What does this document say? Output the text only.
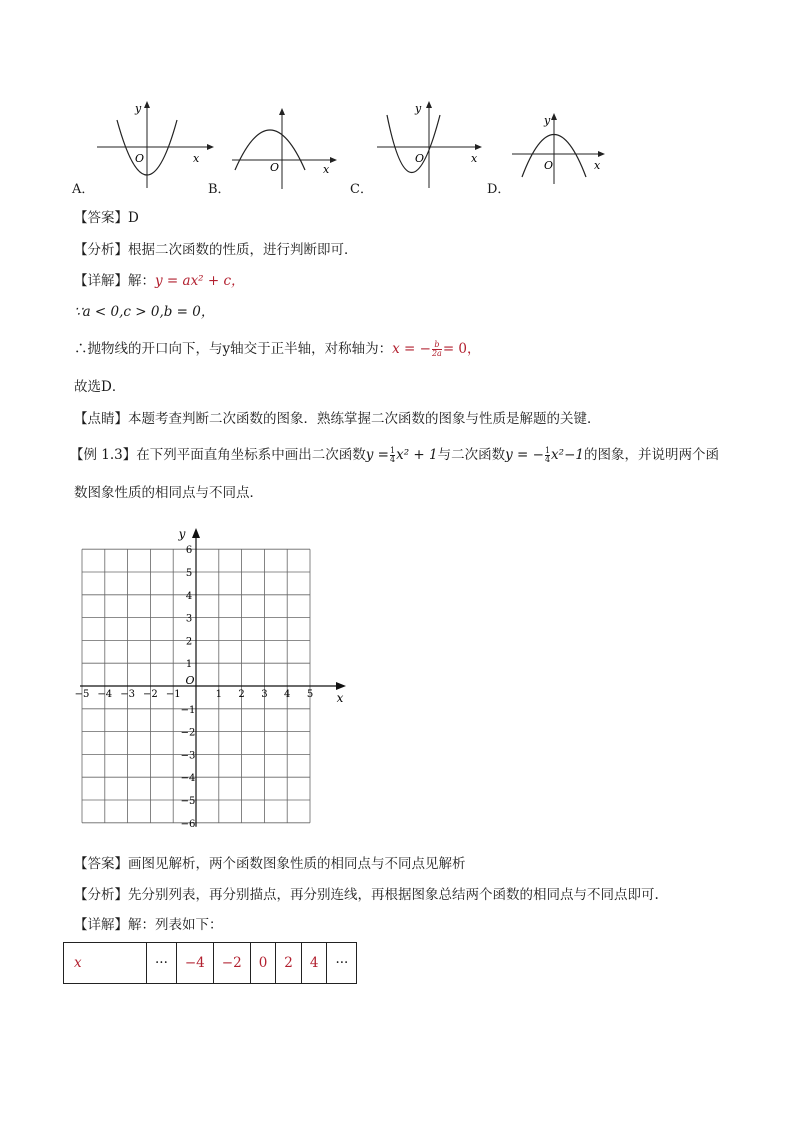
y
x
O
A．
O	x
B．
y
x
O
C．
y
x
O
D．
【答案】D
【分析】根据二次函数的性质，进行判断即可．
【详解】解：y = ax² + c，
∵a < 0,c > 0,b = 0，
∴抛物线的开口向下，与y轴交于正半轴，对称轴为：x = − $\frac{b}{2a} = 0$，
故选D．
【点睛】本题考查判断二次函数的图象．熟练掌握二次函数的图象与性质是解题的关键．
【例 1.3】在下列平面直角坐标系中画出二次函数$y = \frac{1}{4} x^2 + 1$与二次函数y = − $\frac{1}{4} x^2-1$的图象，并说明两个函
数图象性质的相同点与不同点．
x
y
O
−5 −4 −3 −2 −1	1 2 3 4 5
6
5
4
3
2
1
−1
−2
−3
−4
−5
−6
【答案】画图见解析，两个函数图象性质的相同点与不同点见解析
【分析】先分别列表，再分别描点，再分别连线，再根据图象总结两个函数的相同点与不同点即可.
【详解】解：列表如下：
x	···	−4	−2	0	2	4	···
